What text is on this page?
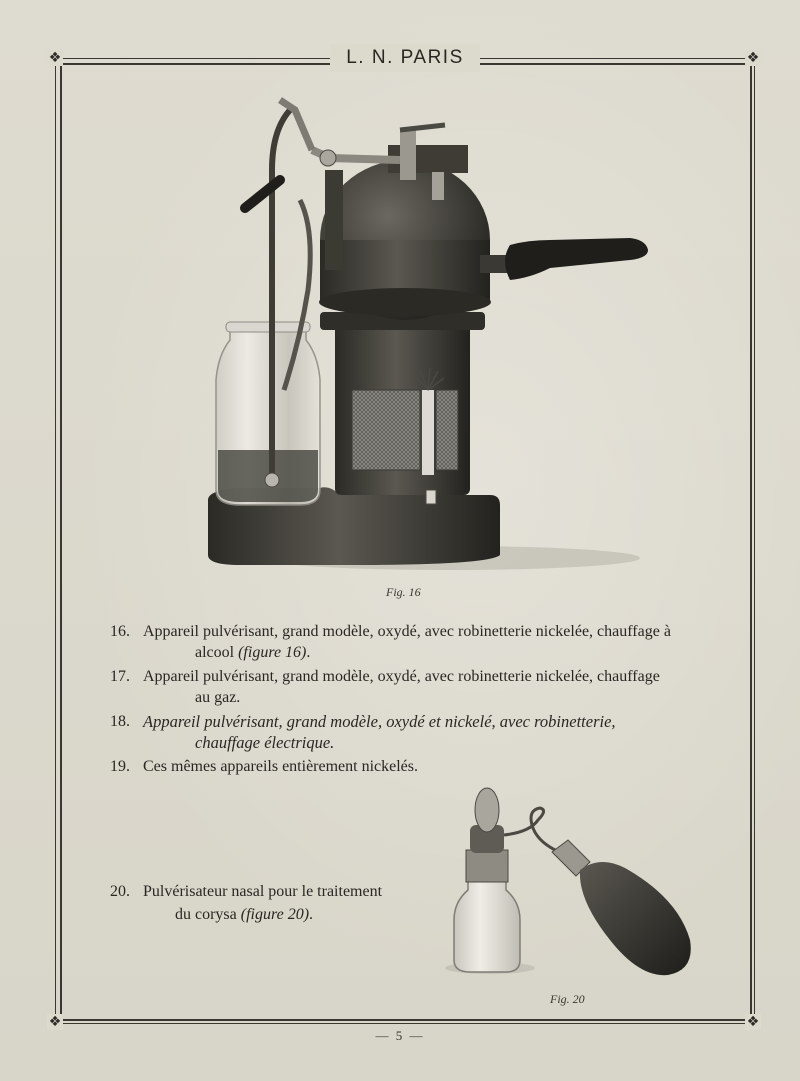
❖	❖
❖	❖
L. N. PARIS
Fig. 16
16. Appareil pulvérisant, grand modèle, oxydé, avec robinetterie nickelée, chauffage à
alcool (figure 16).
17. Appareil pulvérisant, grand modèle, oxydé, avec robinetterie nickelée, chauffage
au gaz.
18. Appareil pulvérisant, grand modèle, oxydé et nickelé, avec robinetterie,
chauffage électrique.
19. Ces mêmes appareils entièrement nickelés.
20. Pulvérisateur nasal pour le traitement
du corysa (figure 20).
Fig. 20
— 5 —
